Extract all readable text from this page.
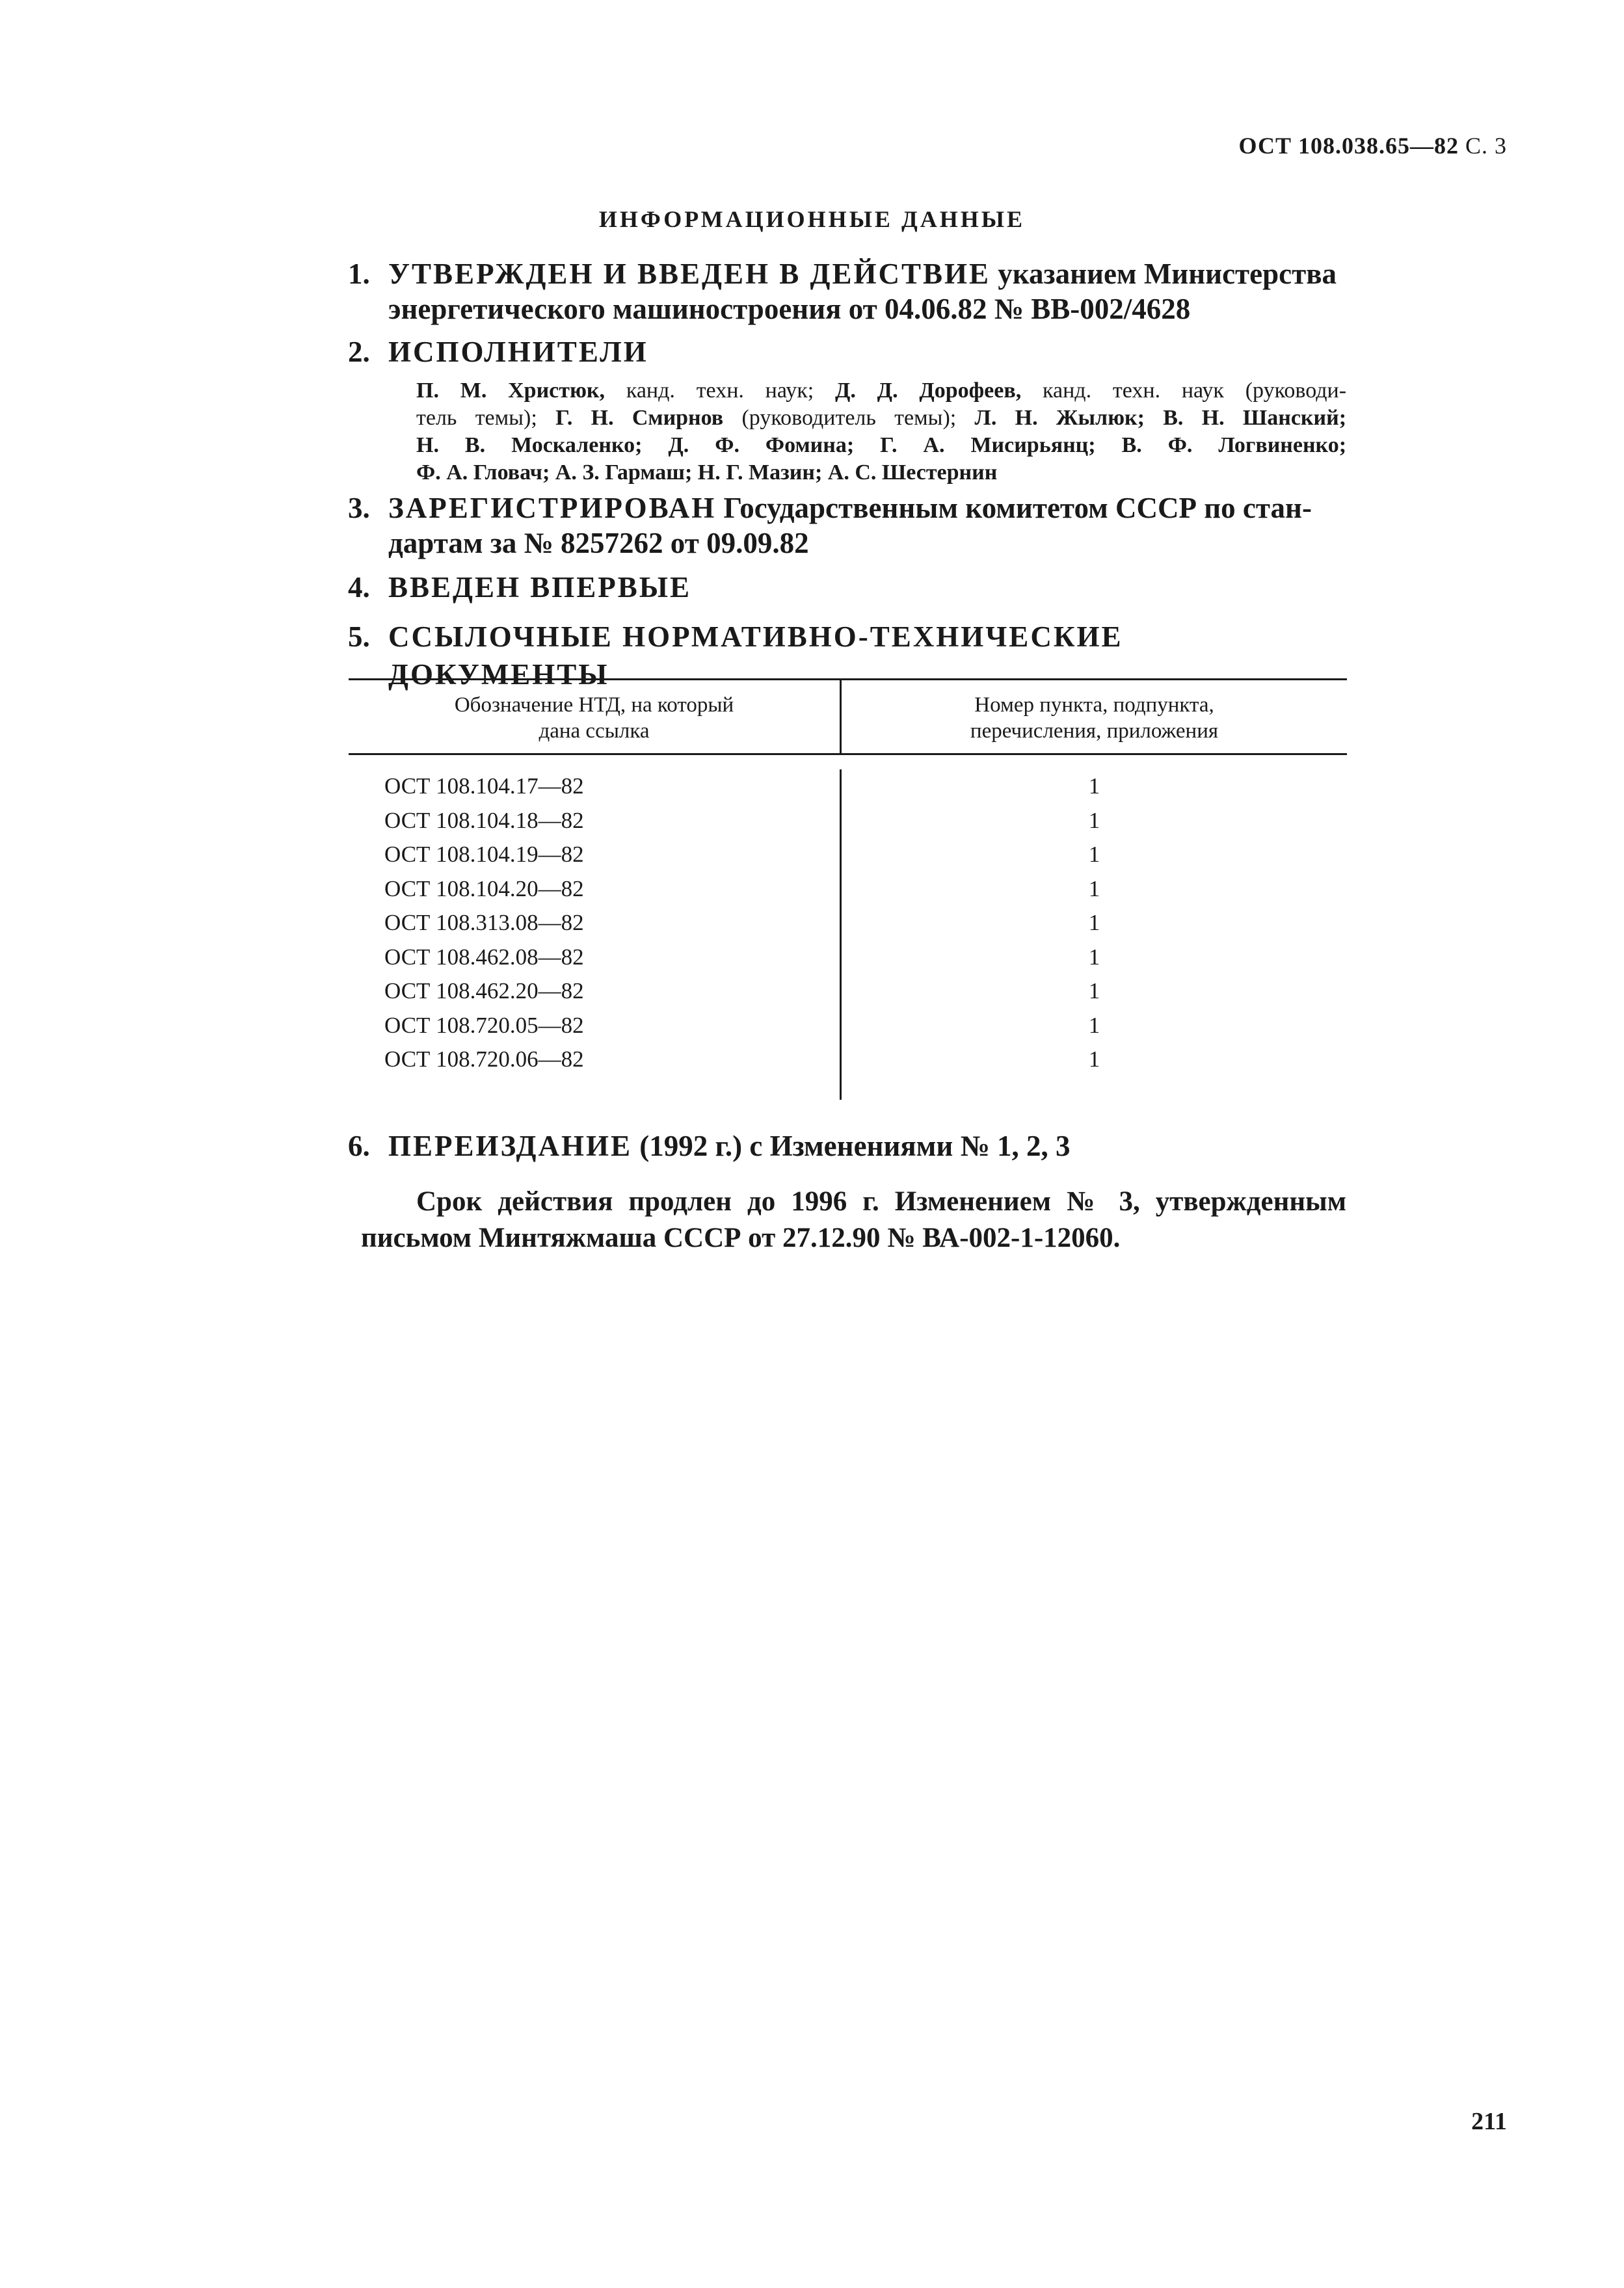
ОСТ 108.038.65—82 С. 3
ИНФОРМАЦИОННЫЕ ДАННЫЕ
1. УТВЕРЖДЕН И ВВЕДЕН В ДЕЙСТВИЕ указанием Министерства
энергетического машиностроения от 04.06.82 № ВВ-002/4628
2. ИСПОЛНИТЕЛИ
П. М. Христюк, канд. техн. наук; Д. Д. Дорофеев, канд. техн. наук (руководи-
тель темы); Г. Н. Смирнов (руководитель темы); Л. Н. Жылюк; В. Н. Шанский;
Н. В. Москаленко; Д. Ф. Фомина; Г. А. Мисирьянц; В. Ф. Логвиненко;
Ф. А. Гловач; А. З. Гармаш; Н. Г. Мазин; А. С. Шестернин
3. ЗАРЕГИСТРИРОВАН Государственным комитетом СССР по стан-
дартам за № 8257262 от 09.09.82
4. ВВЕДЕН ВПЕРВЫЕ
5. ССЫЛОЧНЫЕ НОРМАТИВНО-ТЕХНИЧЕСКИЕ ДОКУМЕНТЫ
Обозначение НТД, на который
дана ссылка
Номер пункта, подпункта,
перечисления, приложения
ОСТ 108.104.17—82
ОСТ 108.104.18—82
ОСТ 108.104.19—82
ОСТ 108.104.20—82
ОСТ 108.313.08—82
ОСТ 108.462.08—82
ОСТ 108.462.20—82
ОСТ 108.720.05—82
ОСТ 108.720.06—82
1
1
1
1
1
1
1
1
1
6. ПЕРЕИЗДАНИЕ (1992 г.) с Изменениями № 1, 2, 3
Срок действия продлен до 1996 г. Изменением № 3, утвержденным письмом Минтяжмаша СССР от 27.12.90 № ВА-002-1-12060.
211
